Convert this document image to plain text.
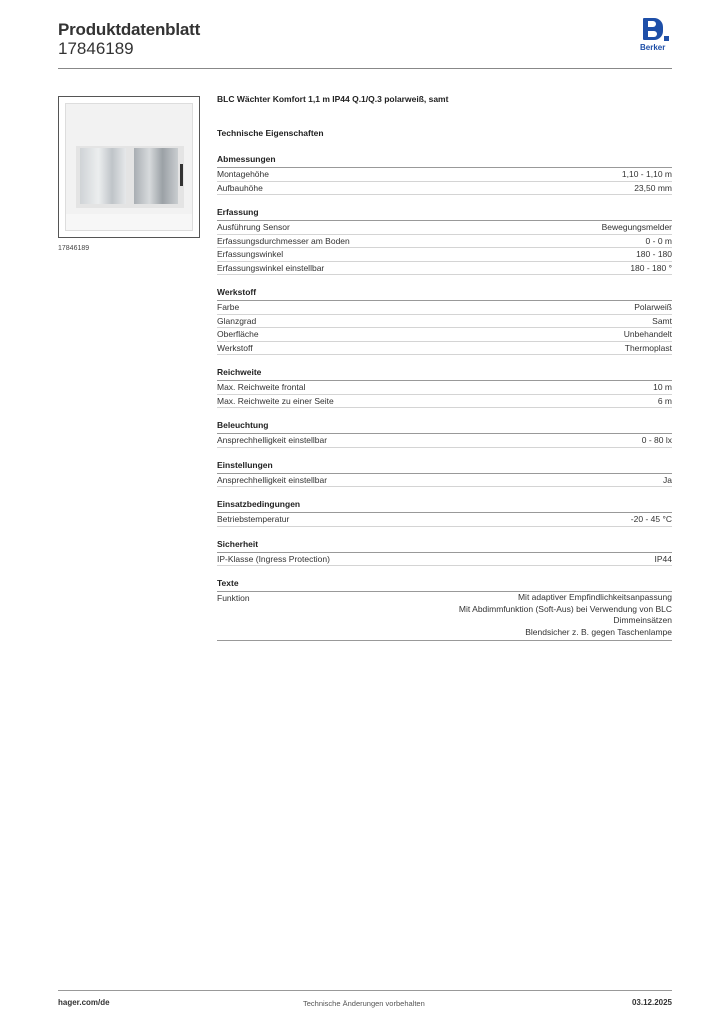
Produktdatenblatt
17846189	Berker
17846189
BLC Wächter Komfort 1,1 m IP44 Q.1/Q.3 polarweiß, samt
Technische Eigenschaften
Abmessungen
Montagehöhe	1,10 - 1,10 m
Aufbauhöhe	23,50 mm
Erfassung
Ausführung Sensor	Bewegungsmelder
Erfassungsdurchmesser am Boden	0 - 0 m
Erfassungswinkel	180 - 180
Erfassungswinkel einstellbar	180 - 180 °
Werkstoff
Farbe	Polarweiß
Glanzgrad	Samt
Oberfläche	Unbehandelt
Werkstoff	Thermoplast
Reichweite
Max. Reichweite frontal	10 m
Max. Reichweite zu einer Seite	6 m
Beleuchtung
Ansprechhelligkeit einstellbar	0 - 80 lx
Einstellungen
Ansprechhelligkeit einstellbar	Ja
Einsatzbedingungen
Betriebstemperatur	-20 - 45 °C
Sicherheit
IP-Klasse (Ingress Protection)	IP44
Texte
Funktion	Mit adaptiver Empfindlichkeitsanpassung
Mit Abdimmfunktion (Soft-Aus) bei Verwendung von BLC
Dimmeinsätzen
Blendsicher z. B. gegen Taschenlampe
hager.com/de	Technische Änderungen vorbehalten	03.12.2025
